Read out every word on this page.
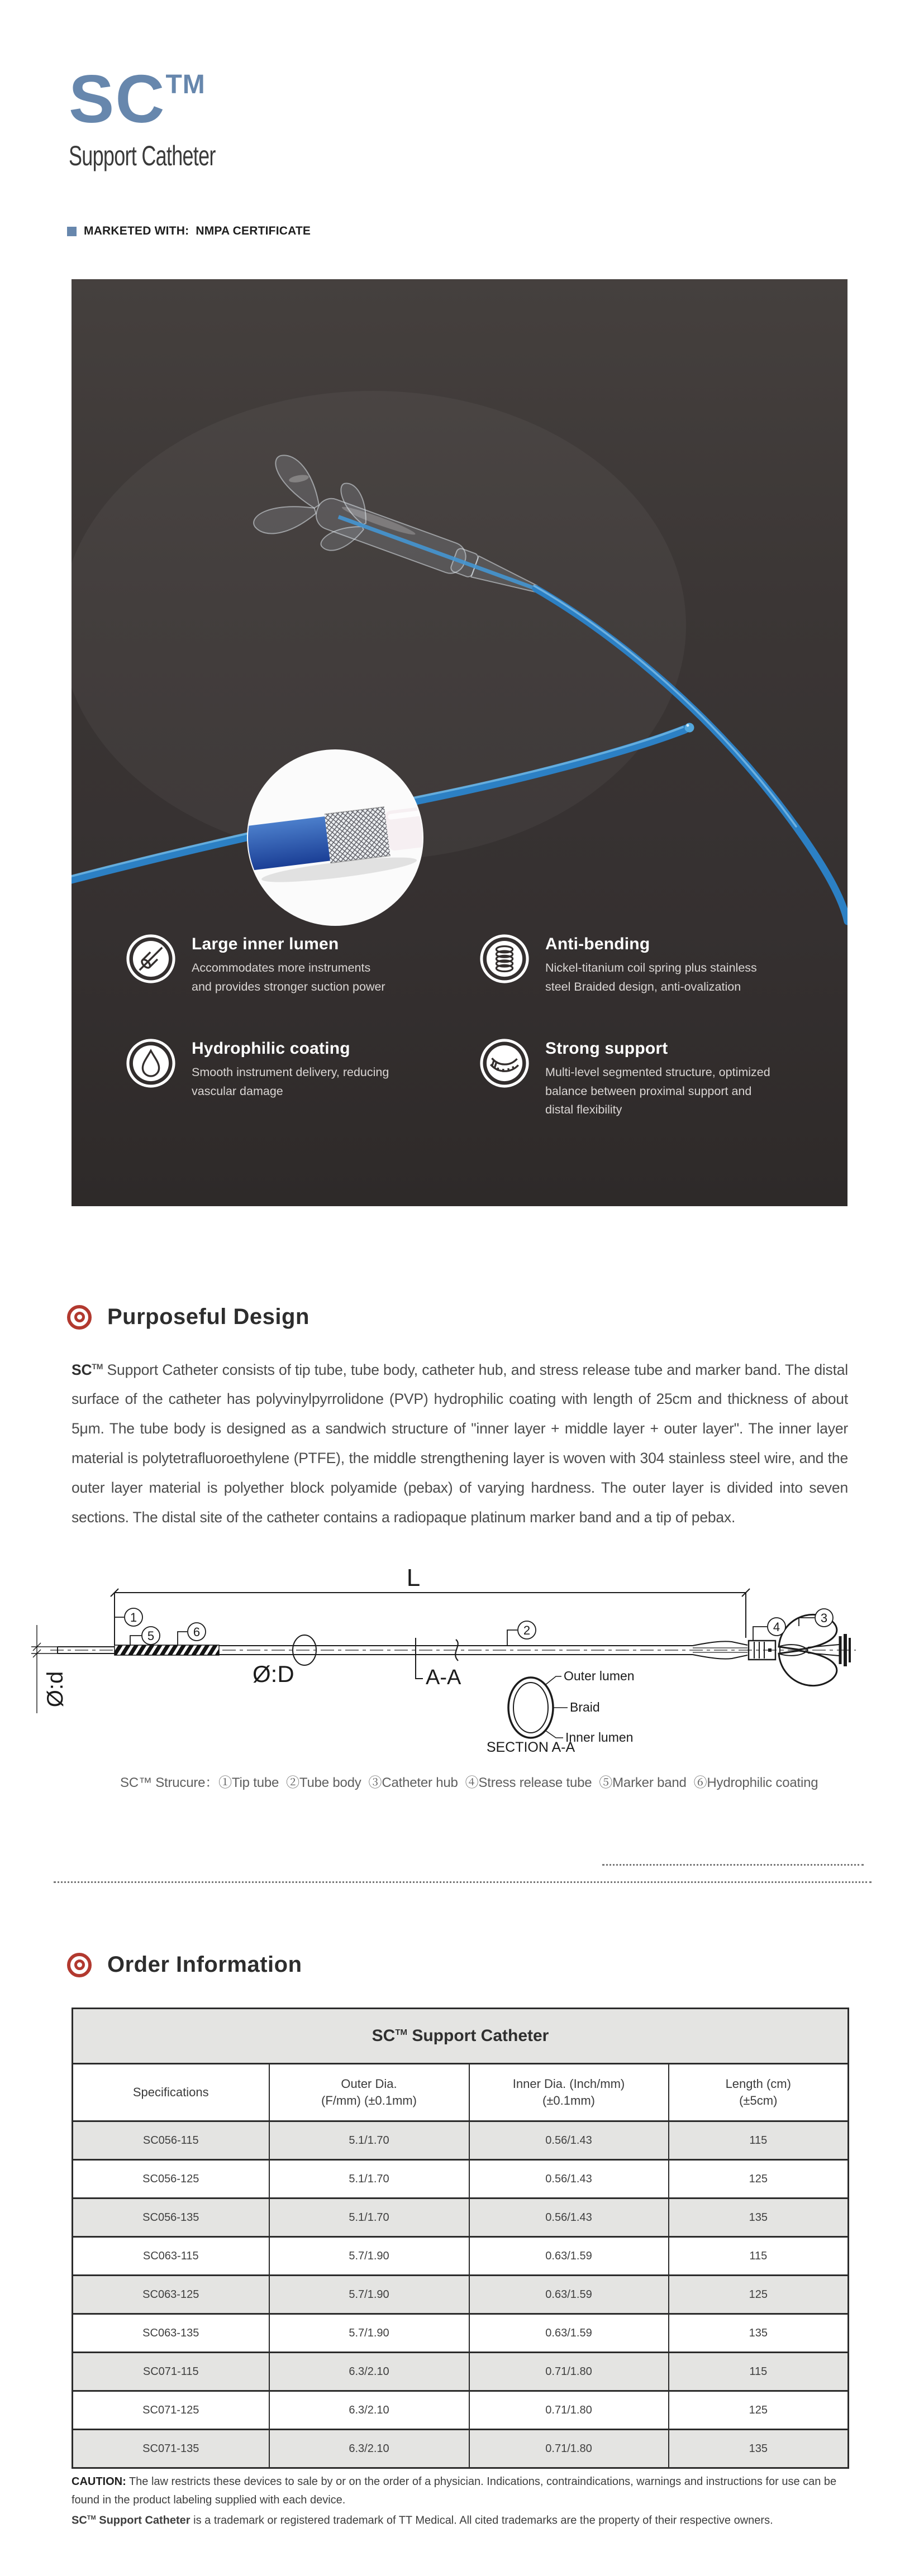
SC TM
Support Catheter
MARKETED WITH:  NMPA CERTIFICATE
Large inner lumen

Accommodates more instruments
and provides stronger suction power

Anti-bending

Nickel-titanium coil spring plus stainless
steel Braided design, anti-ovalization

Hydrophilic coating

Smooth instrument delivery, reducing
vascular damage

Strong support

Multi-level segmented structure, optimized
balance between proximal support and
distal flexibility

Purposeful Design

SC™ Support Catheter consists of tip tube, tube body, catheter hub, and stress release tube and marker band. The distal surface of the catheter has polyvinylpyrrolidone (PVP) hydrophilic coating with length of 25cm and thickness of about 5μm. The tube body is designed as a sandwich structure of "inner layer + middle layer + outer layer". The inner layer material is polytetrafluoroethylene (PTFE), the middle strengthening layer is woven with 304 stainless steel wire, and the outer layer material is polyether block polyamide (pebax) of varying hardness. The outer layer is divided into seven sections. The distal site of the catheter contains a radiopaque platinum marker band and a tip of pebax.

L
Ø:D
Ø:d	A-A	Outer lumen
Braid
Inner lumen
SECTION A-A
1
5	6	2	4
3
SC™ Strucure：①Tip tube  ②Tube body  ③Catheter hub  ④Stress release tube  ⑤Marker band  ⑥Hydrophilic coating
Order Information
SC™ Support Catheter			

Specifications

Outer Dia.
(F/mm) (±0.1mm)

Inner Dia. (Inch/mm)
(±0.1mm)

Length (cm)
(±5cm)

SC056-115	5.1/1.70	0.56/1.43	115
SC056-125	5.1/1.70	0.56/1.43	125
SC056-135	5.1/1.70	0.56/1.43	135
SC063-115	5.7/1.90	0.63/1.59	115
SC063-125	5.7/1.90	0.63/1.59	125
SC063-135	5.7/1.90	0.63/1.59	135
SC071-115	6.3/2.10	0.71/1.80	115
SC071-125	6.3/2.10	0.71/1.80	125
SC071-135	6.3/2.10	0.71/1.80	135

CAUTION: The law restricts these devices to sale by or on the order of a physician. Indications, contraindications, warnings and instructions for use can be found in the product labeling supplied with each device.

SC™ Support Catheter is a trademark or registered trademark of TT Medical. All cited trademarks are the property of their respective owners.
